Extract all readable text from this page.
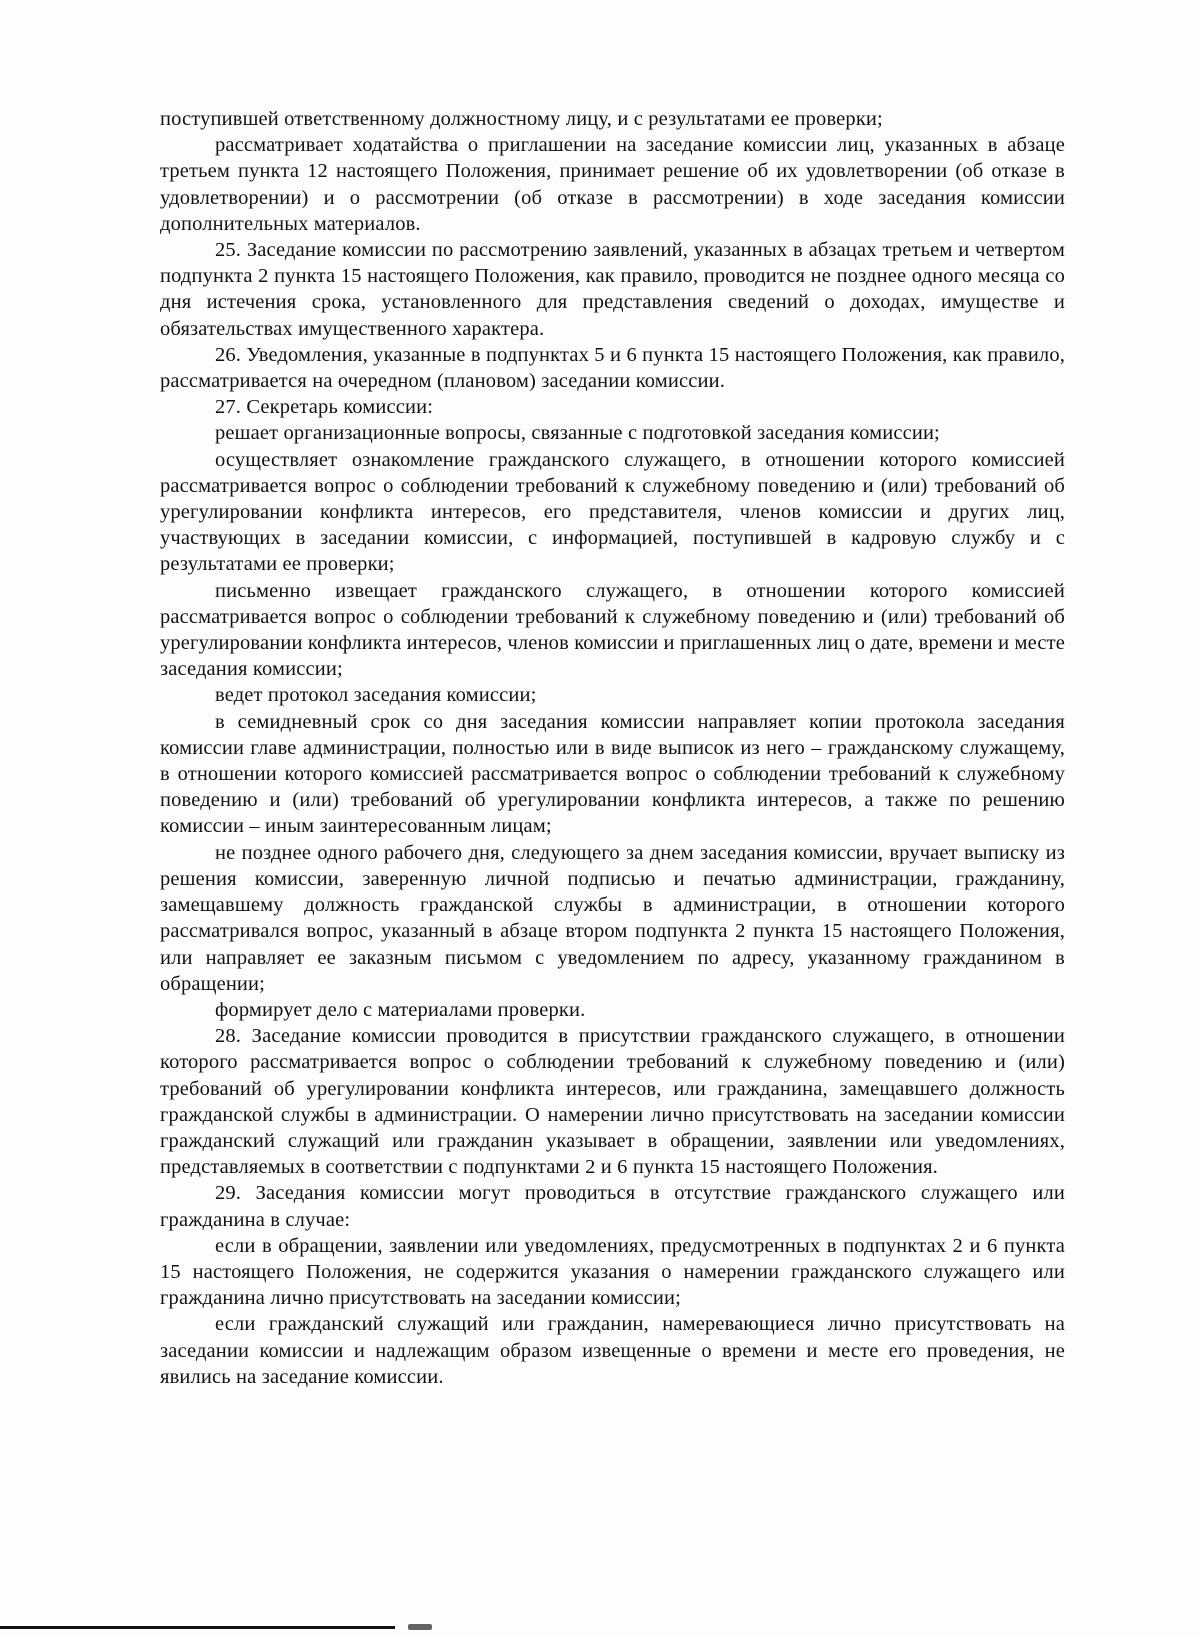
поступившей ответственному должностному лицу, и с результатами ее проверки;

рассматривает ходатайства о приглашении на заседание комиссии лиц, указанных в абзаце третьем пункта 12 настоящего Положения, принимает решение об их удовлетворении (об отказе в удовлетворении) и о рассмотрении (об отказе в рассмотрении) в ходе заседания комиссии дополнительных материалов.

25. Заседание комиссии по рассмотрению заявлений, указанных в абзацах третьем и четвертом подпункта 2 пункта 15 настоящего Положения, как правило, проводится не позднее одного месяца со дня истечения срока, установленного для представления сведений о доходах, имуществе и обязательствах имущественного характера.

26. Уведомления, указанные в подпунктах 5 и 6 пункта 15 настоящего Положения, как правило, рассматривается на очередном (плановом) заседании комиссии.

27. Секретарь комиссии:

решает организационные вопросы, связанные с подготовкой заседания комиссии;

осуществляет ознакомление гражданского служащего, в отношении которого комиссией рассматривается вопрос о соблюдении требований к служебному поведению и (или) требований об урегулировании конфликта интересов, его представителя, членов комиссии и других лиц, участвующих в заседании комиссии, с информацией, поступившей в кадровую службу и с результатами ее проверки;

письменно извещает гражданского служащего, в отношении которого комиссией рассматривается вопрос о соблюдении требований к служебному поведению и (или) требований об урегулировании конфликта интересов, членов комиссии и приглашенных лиц о дате, времени и месте заседания комиссии;

ведет протокол заседания комиссии;

в семидневный срок со дня заседания комиссии направляет копии протокола заседания комиссии главе администрации, полностью или в виде выписок из него – гражданскому служащему, в отношении которого комиссией рассматривается вопрос о соблюдении требований к служебному поведению и (или) требований об урегулировании конфликта интересов, а также по решению комиссии – иным заинтересованным лицам;

не позднее одного рабочего дня, следующего за днем заседания комиссии, вручает выписку из решения комиссии, заверенную личной подписью и печатью администрации, гражданину, замещавшему должность гражданской службы в администрации, в отношении которого рассматривался вопрос, указанный в абзаце втором подпункта 2 пункта 15 настоящего Положения, или направляет ее заказным письмом с уведомлением по адресу, указанному гражданином в обращении;

формирует дело с материалами проверки.

28. Заседание комиссии проводится в присутствии гражданского служащего, в отношении которого рассматривается вопрос о соблюдении требований к служебному поведению и (или) требований об урегулировании конфликта интересов, или гражданина, замещавшего должность гражданской службы в администрации. О намерении лично присутствовать на заседании комиссии гражданский служащий или гражданин указывает в обращении, заявлении или уведомлениях, представляемых в соответствии с подпунктами 2 и 6 пункта 15 настоящего Положения.

29. Заседания комиссии могут проводиться в отсутствие гражданского служащего или гражданина в случае:

если в обращении, заявлении или уведомлениях, предусмотренных в подпунктах 2 и 6 пункта 15 настоящего Положения, не содержится указания о намерении гражданского служащего или гражданина лично присутствовать на заседании комиссии;

если гражданский служащий или гражданин, намеревающиеся лично присутствовать на заседании комиссии и надлежащим образом извещенные о времени и месте его проведения, не явились на заседание комиссии.
